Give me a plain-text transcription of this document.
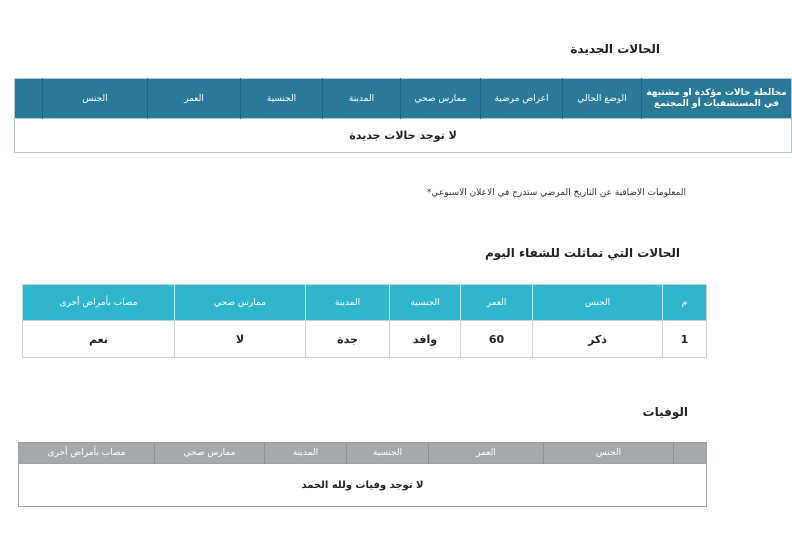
الحالات الجديدة
	الجنس	العمر	الجنسية	المدينة	ممارس صحي	اعراض مرضية	الوضع الحالي	مخالطة حالات مؤكدة او مشتبهة في المستشفيات أو المجتمع
لا توجد حالات جديدة
المعلومات الاضافية عن التاريخ المرضي ستدرج في الاعلان الاسبوعي*
الحالات التي تماثلت للشفاء اليوم
مصاب بأمراض أخرى	ممارس صحي	المدينة	الجنسية	العمر	الجنس	م
نعم	لا	جدة	وافد	60	ذكر	1
الوفيات
مصاب بأمراض أخرى	ممارس صحي	المدينة	الجنسية	العمر	الجنس	
لا توجد وفيات ولله الحمد
